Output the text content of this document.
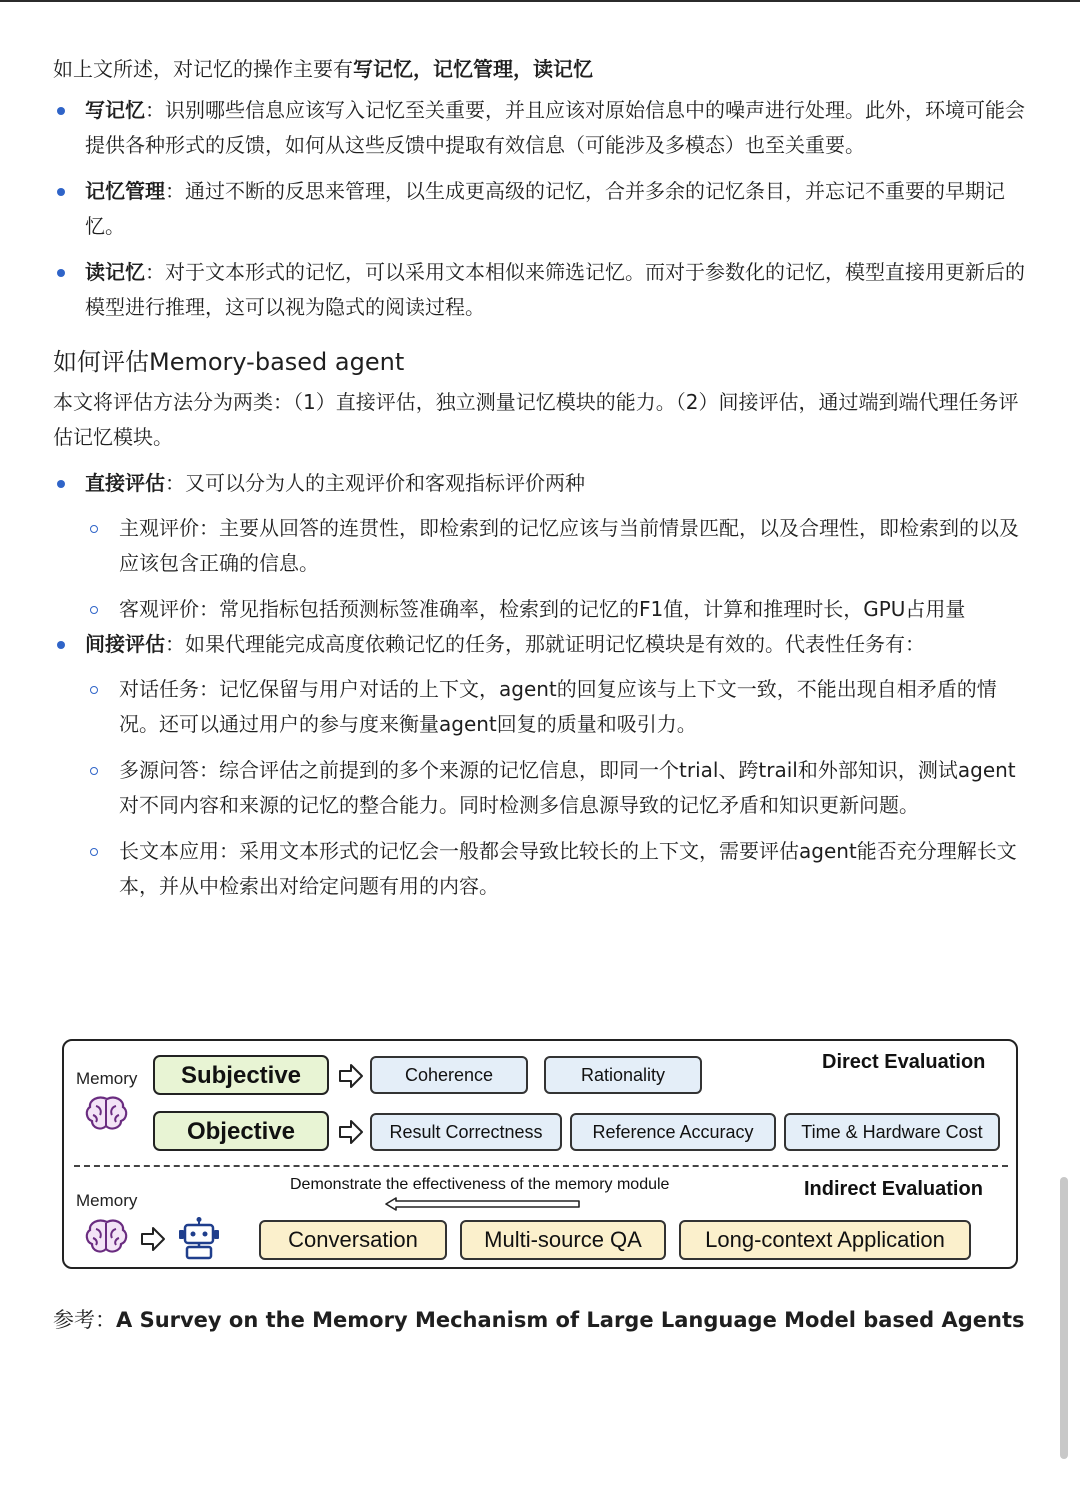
如上文所述，对记忆的操作主要有写记忆，记忆管理，读记忆

写记忆：识别哪些信息应该写入记忆至关重要，并且应该对原始信息中的噪声进行处理。此外，环境可能会提供各种形式的反馈，如何从这些反馈中提取有效信息（可能涉及多模态）也至关重要。
记忆管理：通过不断的反思来管理，以生成更高级的记忆，合并多余的记忆条目，并忘记不重要的早期记忆。
读记忆：对于文本形式的记忆，可以采用文本相似来筛选记忆。而对于参数化的记忆，模型直接用更新后的模型进行推理，这可以视为隐式的阅读过程。
如何评估Memory-based agent

本文将评估方法分为两类：（1）直接评估，独立测量记忆模块的能力。（2）间接评估，通过端到端代理任务评估记忆模块。

直接评估：又可以分为人的主观评价和客观指标评价两种
主观评价：主要从回答的连贯性，即检索到的记忆应该与当前情景匹配，以及合理性，即检索到的以及应该包含正确的信息。
客观评价：常见指标包括预测标签准确率，检索到的记忆的F1值，计算和推理时长，GPU占用量
间接评估：如果代理能完成高度依赖记忆的任务，那就证明记忆模块是有效的。代表性任务有：
对话任务：记忆保留与用户对话的上下文，agent的回复应该与上下文一致，不能出现自相矛盾的情况。还可以通过用户的参与度来衡量agent回复的质量和吸引力。
多源问答：综合评估之前提到的多个来源的记忆信息，即同一个trial、跨trail和外部知识，测试agent对不同内容和来源的记忆的整合能力。同时检测多信息源导致的记忆矛盾和知识更新问题。
长文本应用：采用文本形式的记忆会一般都会导致比较长的上下文，需要评估agent能否充分理解长文本，并从中检索出对给定问题有用的内容。
Memory
Direct Evaluation
Subjective	Coherence	Rationality
Objective	Result Correctness	Reference Accuracy	Time & Hardware Cost
Memory
Demonstrate the effectiveness of the memory module	Indirect Evaluation
Conversation	Multi-source QA	Long-context Application
参考：A Survey on the Memory Mechanism of Large Language Model based Agents
